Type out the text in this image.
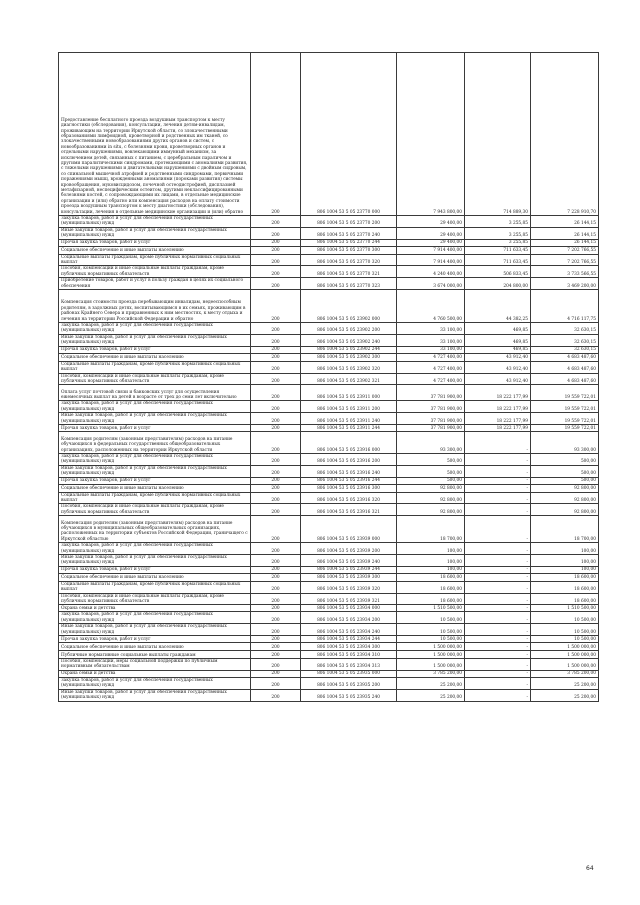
Предоставление бесплатного проезда воздушным транспортом к месту диагностики (обследования), консультации, лечения детям-инвалидам, проживающим на территории Иркутской области, со злокачественными образованиями лимфоидной, кроветворной и родственных им тканей, со злокачественными новообразованиями других органов и систем, с новообразованиями in situ, с болезнями крови, кроветворных органов и отдельными нарушениями, вовлекающими иммунный механизм, за исключением детей, связанных с питанием, с церебральным параличом и другими паралитическими синдромами, протекающими с аномалиями развития, с тяжелыми нарушениями и двигательными нарушениями с двойным сидровым, со спинальной мышечной атрофией и родственными синдромами, первичными поражениями мышц, врожденными аномалиями (пороками развития) системы кровообращения, муковисцидозом, почечной остеодистрофией, дисплазией метафизарной, неспецифическим остеитом, другими неклассифицированными болезнями костей, с сопровождающими их лицами, в отдельные медицинские организации и (или) обратно или компенсация расходов на оплату стоимости проезда воздушным транспортом к месту диагностики (обследования), консультации, лечения в отдельные медицинские организации и (или) обратно	200	806 1004 53 5 05 23770 000	7 943 800,00	714 889,30	7 228 910,70
Закупка товаров, работ и услуг для обеспечения государственных (муниципальных) нужд	200	806 1004 53 5 05 23770 200	29 400,00	3 255,85	26 144,15
Иные закупки товаров, работ и услуг для обеспечения государственных (муниципальных) нужд	200	806 1004 53 5 05 23770 240	29 400,00	3 255,85	26 144,15
Прочая закупка товаров, работ и услуг	200	806 1004 53 5 05 23770 244	29 400,00	3 255,85	26 144,15
Социальное обеспечение и иные выплаты населению	200	806 1004 53 5 05 23770 300	7 914 400,00	711 633,45	7 202 766,55
Социальные выплаты гражданам, кроме публичных нормативных социальных выплат	200	806 1004 53 5 05 23770 320	7 914 400,00	711 633,45	7 202 766,55
Пособия, компенсации и иные социальные выплаты гражданам, кроме публичных нормативных обязательств	200	806 1004 53 5 05 23770 321	4 240 400,00	506 833,45	3 733 566,55
Приобретение товаров, работ и услуг в пользу граждан в целях их социального обеспечения	200	806 1004 53 5 05 23770 323	3 674 000,00	204 800,00	3 469 200,00
Компенсация стоимости проезда перебывающим инвалидам, недееспособным родителям, в задолжных детях, воспитывающимся в их семьях, проживающим в районах Крайнего Севера и приравненных к ним местностях, к месту отдыха и лечения на территории Российской Федерации и обратно	200	806 1004 53 5 05 23902 000	4 760 500,00	44 382,25	4 716 117,75
Закупка товаров, работ и услуг для обеспечения государственных (муниципальных) нужд	200	806 1004 53 5 05 23902 200	33 100,00	469,85	32 630,15
Иные закупки товаров, работ и услуг для обеспечения государственных (муниципальных) нужд	200	806 1004 53 5 05 23902 240	33 100,00	469,85	32 630,15
Прочая закупка товаров, работ и услуг	200	806 1004 53 5 05 23902 244	33 100,00	469,85	32 630,15
Социальное обеспечение и иные выплаты населению	200	806 1004 53 5 05 23902 300	4 727 400,00	43 912,40	4 683 487,60
Социальные выплаты гражданам, кроме публичных нормативных социальных выплат	200	806 1004 53 5 05 23902 320	4 727 400,00	43 912,40	4 683 487,60
Пособия, компенсации и иные социальные выплаты гражданам, кроме публичных нормативных обязательств	200	806 1004 53 5 05 23902 321	4 727 400,00	43 912,40	4 683 487,60
Оплата услуг почтовой связи и банковских услуг для осуществления ежемесячных выплат на детей в возрасте от трех до семи лет включительно	200	806 1004 53 5 05 23911 000	37 781 900,00	18 222 177,99	19 559 722,01
Закупка товаров, работ и услуг для обеспечения государственных (муниципальных) нужд	200	806 1004 53 5 05 23911 200	37 781 900,00	18 222 177,99	19 559 722,01
Иные закупки товаров, работ и услуг для обеспечения государственных (муниципальных) нужд	200	806 1004 53 5 05 23911 240	37 781 900,00	18 222 177,99	19 559 722,01
Прочая закупка товаров, работ и услуг	200	806 1004 53 5 05 23911 244	37 781 900,00	18 222 177,99	19 559 722,01
Компенсация родителям (законным представителям) расходов на питание обучающихся в федеральных государственных общеобразовательных организациях, расположенных на территории Иркутской области	200	806 1004 53 5 05 23916 000	93 300,00	-	93 300,00
Закупка товаров, работ и услуг для обеспечения государственных (муниципальных) нужд	200	806 1004 53 5 05 23916 200	500,00	-	500,00
Иные закупки товаров, работ и услуг для обеспечения государственных (муниципальных) нужд	200	806 1004 53 5 05 23916 240	500,00	-	500,00
Прочая закупка товаров, работ и услуг	200	806 1004 53 5 05 23916 244	500,00	-	500,00
Социальное обеспечение и иные выплаты населению	200	806 1004 53 5 05 23916 300	92 800,00	-	92 800,00
Социальные выплаты гражданам, кроме публичных нормативных социальных выплат	200	806 1004 53 5 05 23916 320	92 800,00	-	92 800,00
Пособия, компенсации и иные социальные выплаты гражданам, кроме публичных нормативных обязательств	200	806 1004 53 5 05 23916 321	92 800,00	-	92 800,00
Компенсация родителям (законным представителям) расходов на питание обучающихся в муниципальных общеобразовательных организациях, расположенных на территории субъектов Российской Федерации, граничащего с Иркутской областью	200	806 1004 53 5 05 23939 000	18 700,00	-	18 700,00
Закупка товаров, работ и услуг для обеспечения государственных (муниципальных) нужд	200	806 1004 53 5 05 23939 200	100,00	-	100,00
Иные закупки товаров, работ и услуг для обеспечения государственных (муниципальных) нужд	200	806 1004 53 5 05 23939 240	100,00	-	100,00
Прочая закупка товаров, работ и услуг	200	806 1004 53 5 05 23939 244	100,00	-	100,00
Социальное обеспечение и иные выплаты населению	200	806 1004 53 5 05 23939 300	18 600,00	-	18 600,00
Социальные выплаты гражданам, кроме публичных нормативных социальных выплат	200	806 1004 53 5 05 23939 320	18 600,00	-	18 600,00
Пособия, компенсации и иные социальные выплаты гражданам, кроме публичных нормативных обязательств	200	806 1004 53 5 05 23939 321	18 600,00	-	18 600,00
Охрана семьи и детства	200	806 1004 53 5 05 23934 000	1 510 500,00	-	1 510 500,00
Закупка товаров, работ и услуг для обеспечения государственных (муниципальных) нужд	200	806 1004 53 5 05 23934 200	10 500,00	-	10 500,00
Иные закупки товаров, работ и услуг для обеспечения государственных (муниципальных) нужд	200	806 1004 53 5 05 23934 240	10 500,00	-	10 500,00
Прочая закупка товаров, работ и услуг	200	806 1004 53 5 05 23934 244	10 500,00	-	10 500,00
Социальное обеспечение и иные выплаты населению	200	806 1004 53 5 05 23934 300	1 500 000,00	-	1 500 000,00
Публичные нормативные социальные выплаты гражданам	200	806 1004 53 5 05 23934 310	1 500 000,00	-	1 500 000,00
Пособия, компенсации, меры социальной поддержки по публичным нормативным обязательствам	200	806 1004 53 5 05 23934 313	1 500 000,00	-	1 500 000,00
Охрана семьи и детства	200	806 1004 53 5 05 23935 000	3 785 200,00	-	3 785 200,00
Закупка товаров, работ и услуг для обеспечения государственных (муниципальных) нужд	200	806 1004 53 5 05 23935 200	25 200,00	-	25 200,00
Иные закупки товаров, работ и услуг для обеспечения государственных (муниципальных) нужд	200	806 1004 53 5 05 23935 240	25 200,00	-	25 200,00
64
